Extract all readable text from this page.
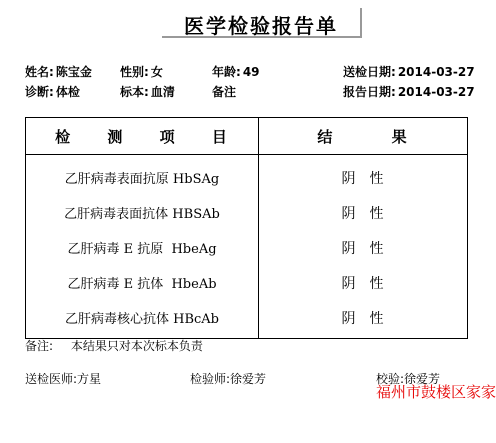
医学检验报告单
姓名: 陈宝金 性别: 女	年龄: 49	送检日期: 2014-03-27
诊断: 体检	标本: 血清	备注	报告日期: 2014-03-27
检 测 项 目	结 果
乙肝病毒表面抗原 HbSAg	阴性
乙肝病毒表面抗体 HBSAb	阴性
乙肝病毒 E 抗原  HbeAg	阴性
乙肝病毒 E 抗体  HbeAb	阴性
乙肝病毒核心抗体 HBcAb	阴性
备注: 本结果只对本次标本负责
送检医师:方星	检验师:徐爱芳	校验:徐爱芳
福州市鼓楼区家家
